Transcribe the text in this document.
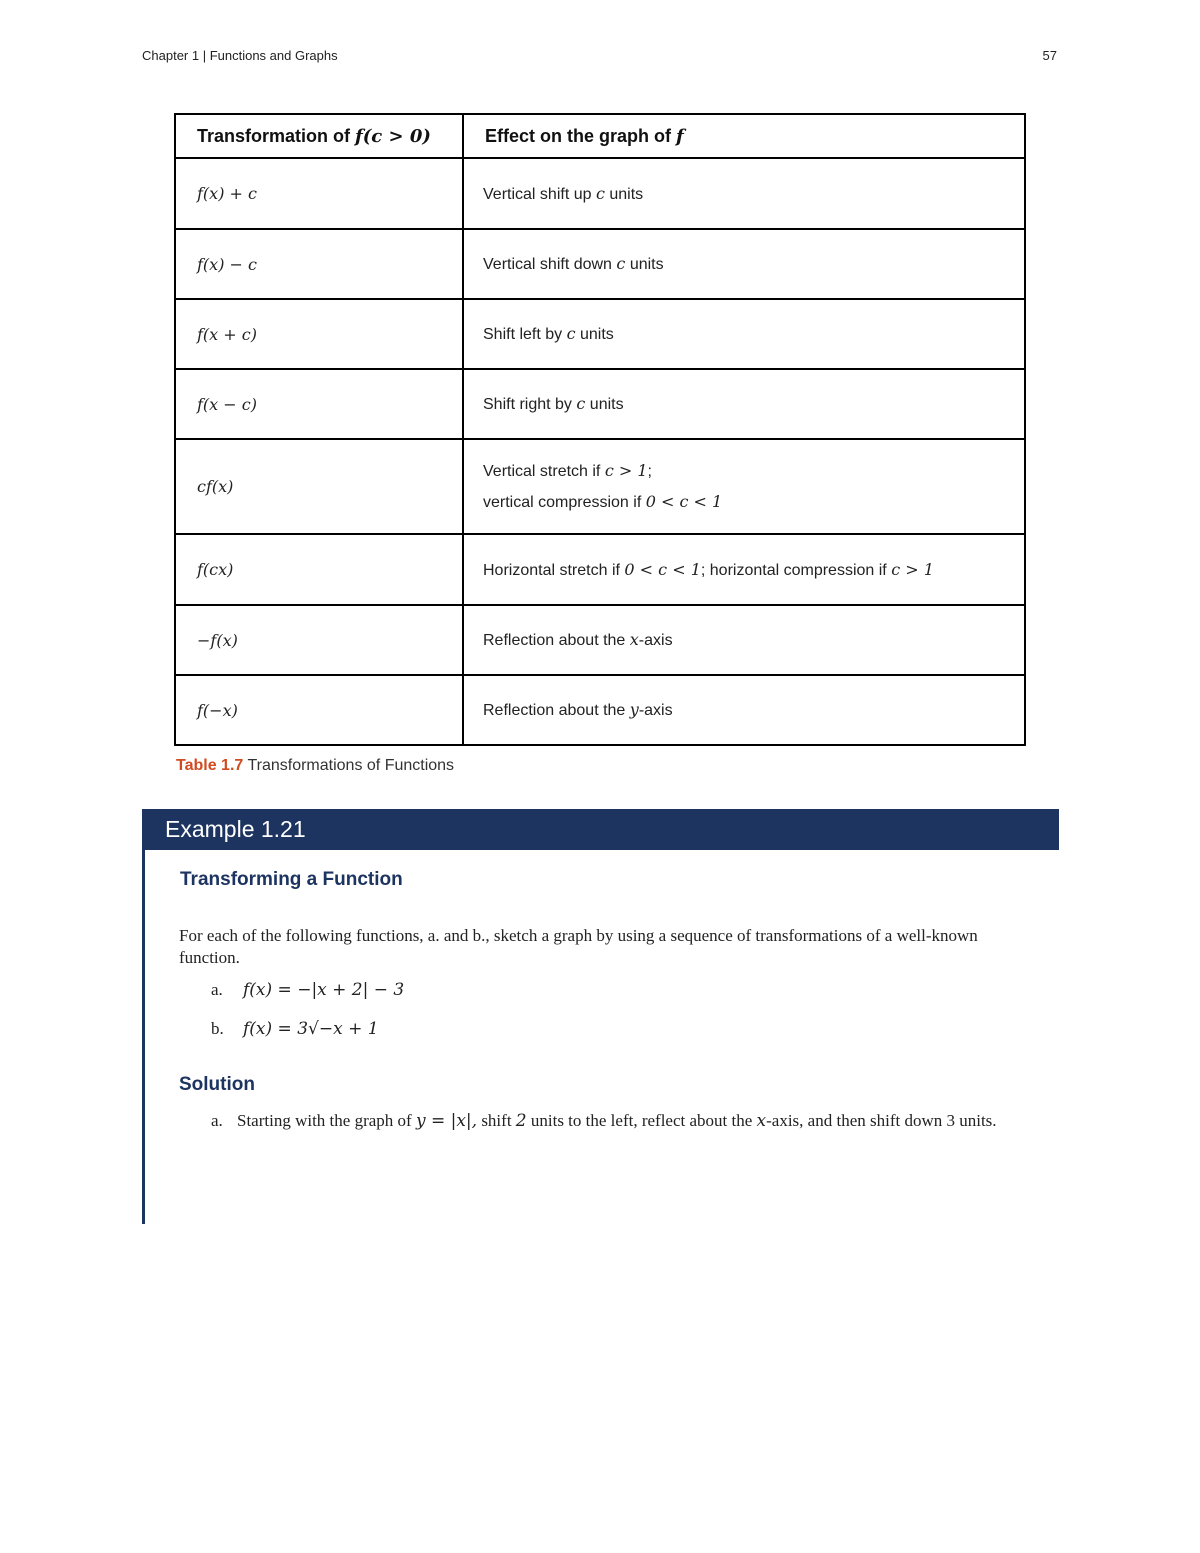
Chapter 1 | Functions and Graphs	57
Transformation of f(c > 0)	Effect on the graph of f
f(x) + c	Vertical shift up c units
f(x) − c	Vertical shift down c units
f(x + c)	Shift left by c units
f(x − c)	Shift right by c units
cf(x)	Vertical stretch if c > 1;
vertical compression if 0 < c < 1

f(cx)	Horizontal stretch if 0 < c < 1; horizontal compression if c > 1
−f(x)	Reflection about the x-axis
f(−x)	Reflection about the y-axis
Table 1.7 Transformations of Functions
Example 1.21
Transforming a Function
For each of the following functions, a. and b., sketch a graph by using a sequence of transformations of a well-known function.
a. f(x) = −|x + 2| − 3
b. f(x) = 3√−x + 1
Solution
a. Starting with the graph of y = |x|, shift 2 units to the left, reflect about the x-axis, and then shift down 3 units.
